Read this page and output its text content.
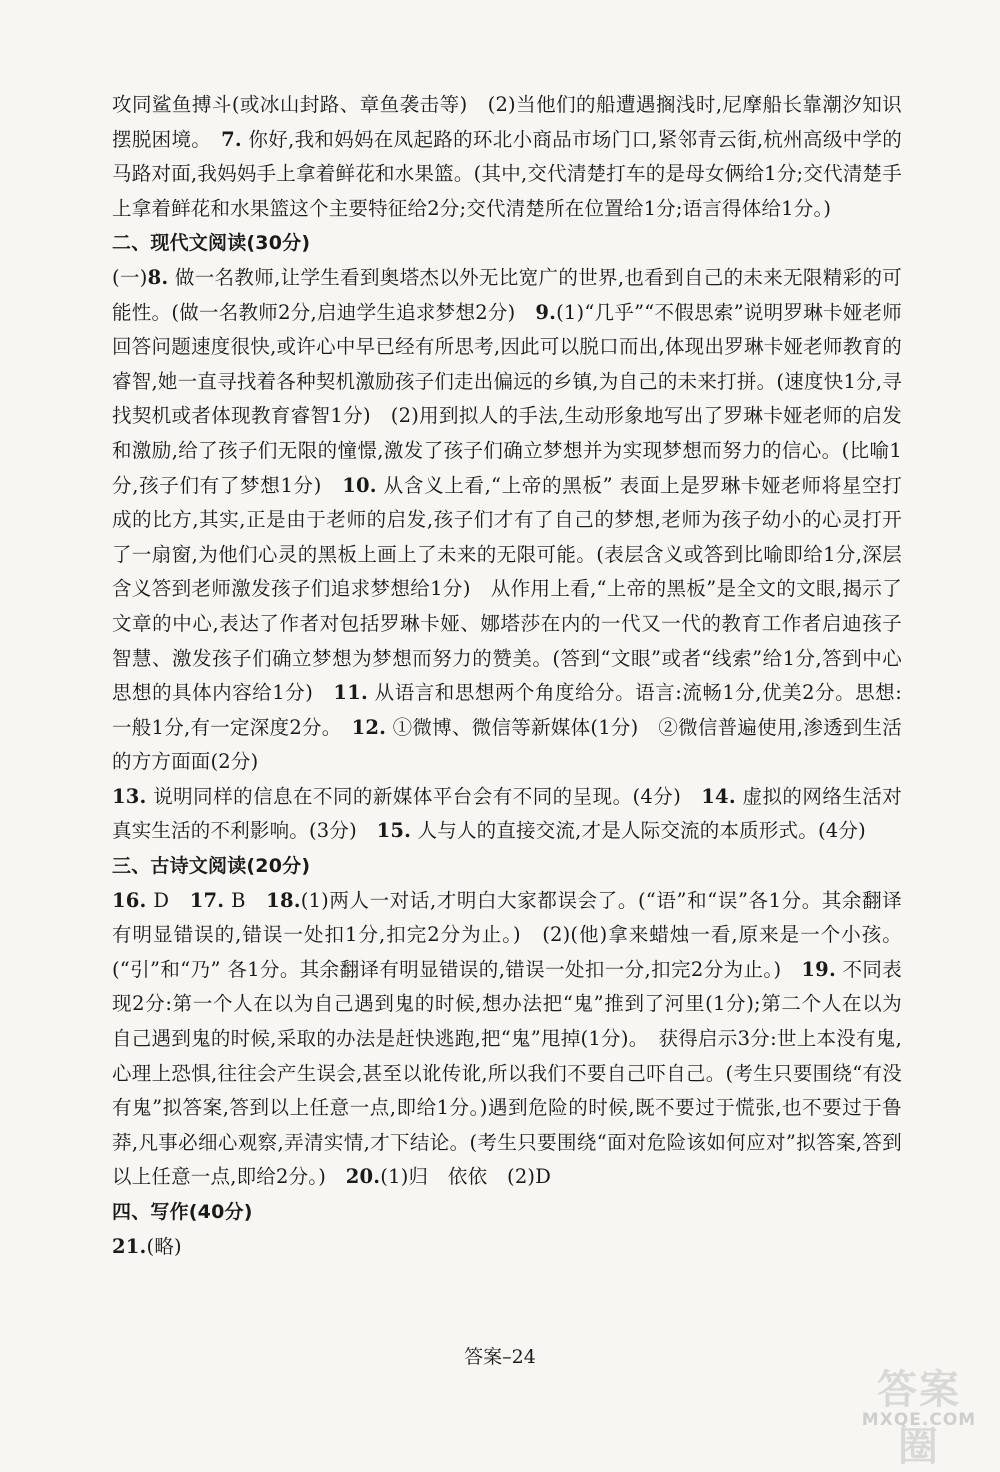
攻同鲨鱼搏斗(或冰山封路、章鱼袭击等)　(2)当他们的船遭遇搁浅时,尼摩船长靠潮汐知识摆脱困境。　7. 你好,我和妈妈在凤起路的环北小商品市场门口,紧邻青云街,杭州高级中学的马路对面,我妈妈手上拿着鲜花和水果篮。(其中,交代清楚打车的是母女俩给1分;交代清楚手上拿着鲜花和水果篮这个主要特征给2分;交代清楚所在位置给1分;语言得体给1分。)

二、现代文阅读(30分)

(一)8. 做一名教师,让学生看到奥塔杰以外无比宽广的世界,也看到自己的未来无限精彩的可能性。(做一名教师2分,启迪学生追求梦想2分)　9.(1)“几乎”“不假思索”说明罗琳卡娅老师回答问题速度很快,或许心中早已经有所思考,因此可以脱口而出,体现出罗琳卡娅老师教育的睿智,她一直寻找着各种契机激励孩子们走出偏远的乡镇,为自己的未来打拼。(速度快1分,寻找契机或者体现教育睿智1分)　(2)用到拟人的手法,生动形象地写出了罗琳卡娅老师的启发和激励,给了孩子们无限的憧憬,激发了孩子们确立梦想并为实现梦想而努力的信心。(比喻1分,孩子们有了梦想1分)　10. 从含义上看,“上帝的黑板” 表面上是罗琳卡娅老师将星空打成的比方,其实,正是由于老师的启发,孩子们才有了自己的梦想,老师为孩子幼小的心灵打开了一扇窗,为他们心灵的黑板上画上了未来的无限可能。(表层含义或答到比喻即给1分,深层含义答到老师激发孩子们追求梦想给1分)　从作用上看,“上帝的黑板”是全文的文眼,揭示了文章的中心,表达了作者对包括罗琳卡娅、娜塔莎在内的一代又一代的教育工作者启迪孩子智慧、激发孩子们确立梦想为梦想而努力的赞美。(答到“文眼”或者“线索”给1分,答到中心思想的具体内容给1分)　11. 从语言和思想两个角度给分。语言:流畅1分,优美2分。思想:一般1分,有一定深度2分。　12. ①微博、微信等新媒体(1分)　②微信普遍使用,渗透到生活的方方面面(2分)

13. 说明同样的信息在不同的新媒体平台会有不同的呈现。(4分)　14. 虚拟的网络生活对真实生活的不利影响。(3分)　15. 人与人的直接交流,才是人际交流的本质形式。(4分)

三、古诗文阅读(20分)

16. D　17. B　18.(1)两人一对话,才明白大家都误会了。(“语”和“误”各1分。其余翻译有明显错误的,错误一处扣1分,扣完2分为止。)　(2)(他)拿来蜡烛一看,原来是一个小孩。(“引”和“乃” 各1分。其余翻译有明显错误的,错误一处扣一分,扣完2分为止。)　19. 不同表现2分:第一个人在以为自己遇到鬼的时候,想办法把“鬼”推到了河里(1分);第二个人在以为自己遇到鬼的时候,采取的办法是赶快逃跑,把“鬼”甩掉(1分)。　获得启示3分:世上本没有鬼,心理上恐惧,往往会产生误会,甚至以讹传讹,所以我们不要自己吓自己。(考生只要围绕“有没有鬼”拟答案,答到以上任意一点,即给1分。)遇到危险的时候,既不要过于慌张,也不要过于鲁莽,凡事必细心观察,弄清实情,才下结论。(考生只要围绕“面对危险该如何应对”拟答案,答到以上任意一点,即给2分。)　20.(1)归　依依　(2)D

四、写作(40分)

21.(略)

答案–24
答案圈
MXQE.COM
